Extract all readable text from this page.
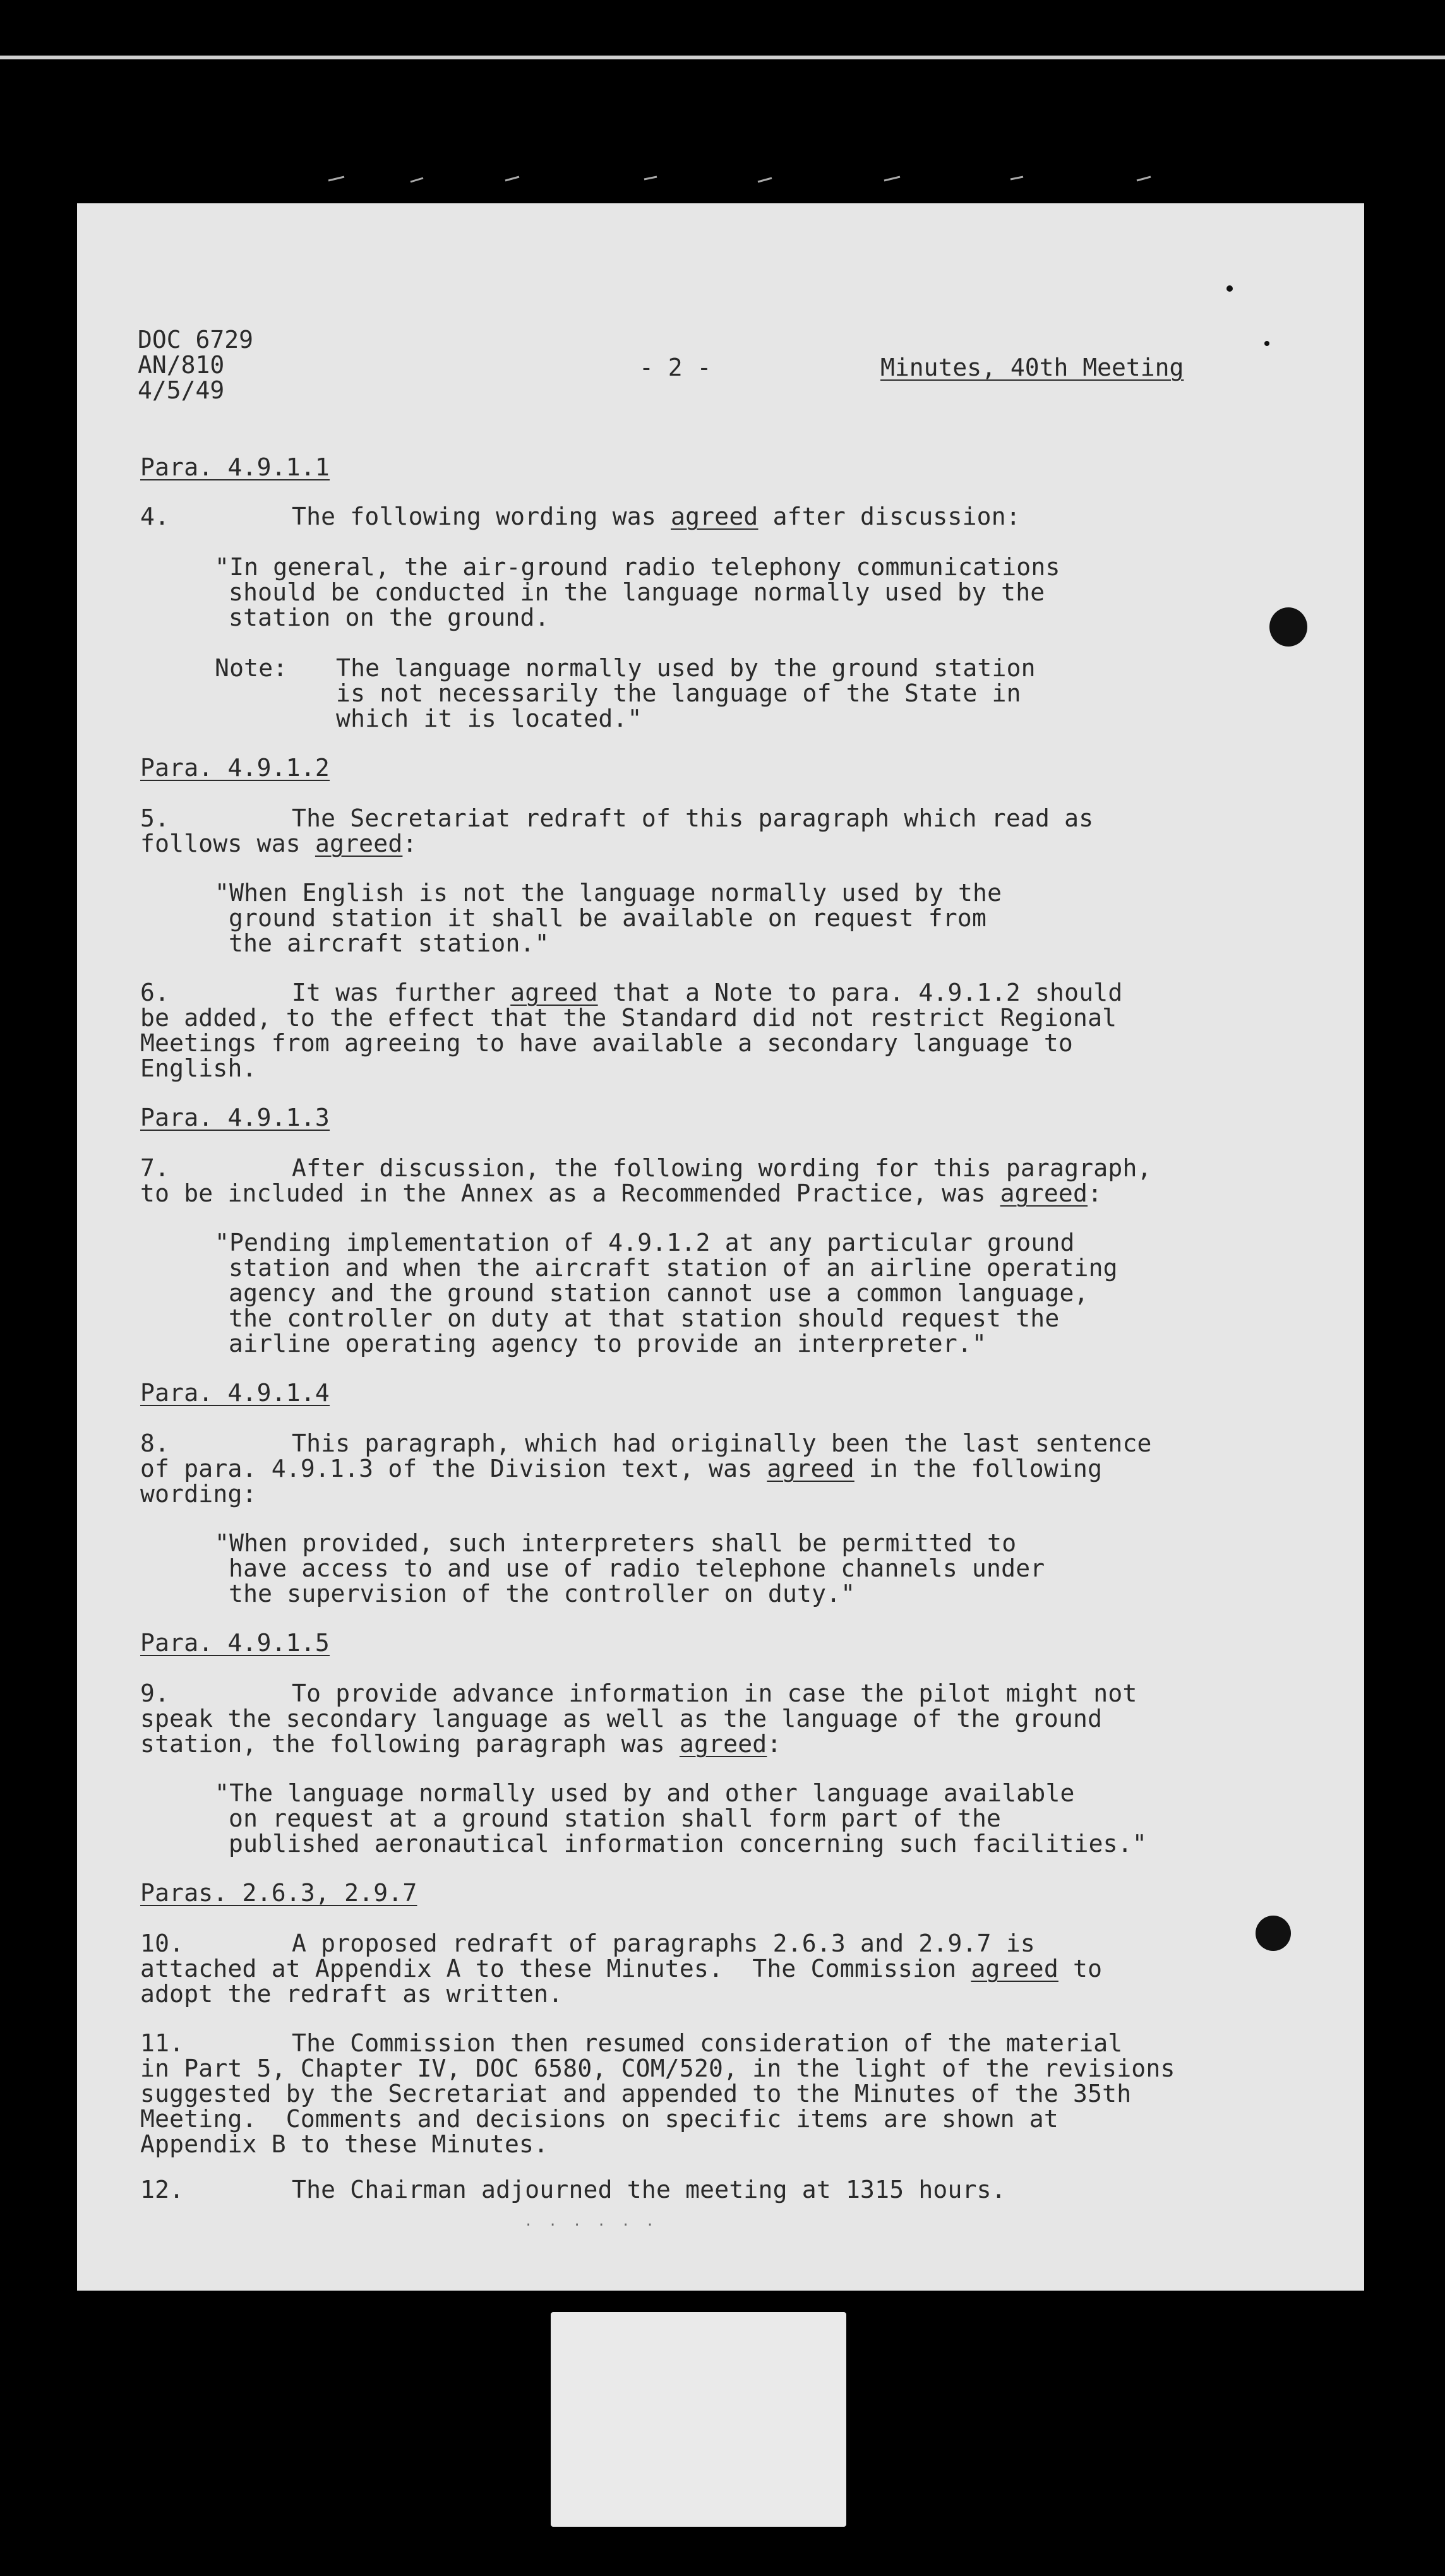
DOC 6729
AN/810
4/5/49
- 2 -	Minutes, 40th Meeting
Para. 4.9.1.1
4.	The following wording was agreed after discussion:
"In general, the air-ground radio telephony communications
should be conducted in the language normally used by the
station on the ground.
Note: The language normally used by the ground station
is not necessarily the language of the State in
which it is located."
Para. 4.9.1.2
5.	The Secretariat redraft of this paragraph which read as
follows was agreed:
"When English is not the language normally used by the
ground station it shall be available on request from
the aircraft station."
6.	It was further agreed that a Note to para. 4.9.1.2 should
be added, to the effect that the Standard did not restrict Regional
Meetings from agreeing to have available a secondary language to
English.
Para. 4.9.1.3
7.	After discussion, the following wording for this paragraph,
to be included in the Annex as a Recommended Practice, was agreed:
"Pending implementation of 4.9.1.2 at any particular ground
station and when the aircraft station of an airline operating
agency and the ground station cannot use a common language,
the controller on duty at that station should request the
airline operating agency to provide an interpreter."
Para. 4.9.1.4
8.	This paragraph, which had originally been the last sentence
of para. 4.9.1.3 of the Division text, was agreed in the following
wording:
"When provided, such interpreters shall be permitted to
have access to and use of radio telephone channels under
the supervision of the controller on duty."
Para. 4.9.1.5
9.	To provide advance information in case the pilot might not
speak the secondary language as well as the language of the ground
station, the following paragraph was agreed:
"The language normally used by and other language available
on request at a ground station shall form part of the
published aeronautical information concerning such facilities."
Paras. 2.6.3, 2.9.7
10.	A proposed redraft of paragraphs 2.6.3 and 2.9.7 is
attached at Appendix A to these Minutes.  The Commission agreed to
adopt the redraft as written.
11.	The Commission then resumed consideration of the material
in Part 5, Chapter IV, DOC 6580, COM/520, in the light of the revisions
suggested by the Secretariat and appended to the Minutes of the 35th
Meeting.  Comments and decisions on specific items are shown at
Appendix B to these Minutes.
12.	The Chairman adjourned the meeting at 1315 hours.
· · · · · ·
